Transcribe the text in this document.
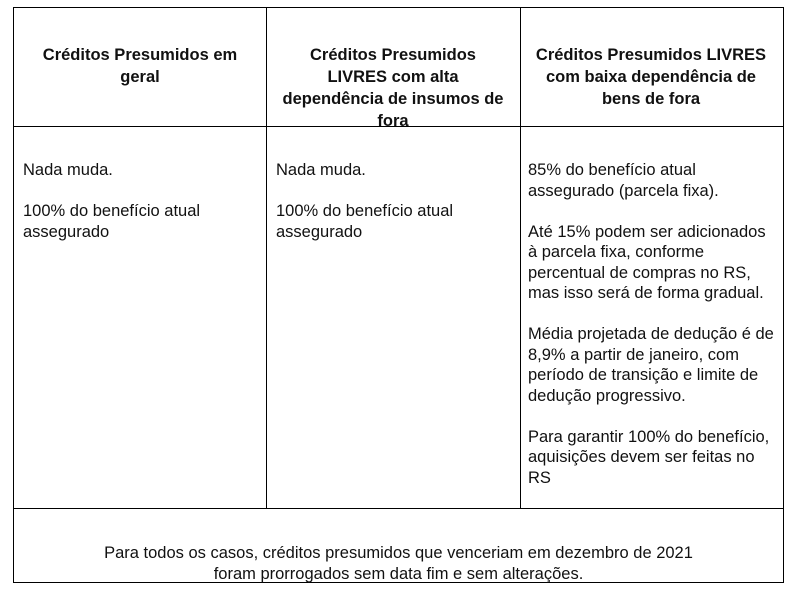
Créditos Presumidos em geral
Créditos Presumidos LIVRES com alta dependência de insumos de fora
Créditos Presumidos LIVRES com baixa dependência de bens de fora

Nada muda.

100% do benefício atual assegurado

Nada muda.

100% do benefício atual assegurado

85% do benefício atual assegurado (parcela fixa).

Até 15% podem ser adicionados à parcela fixa, conforme percentual de compras no RS, mas isso será de forma gradual.

Média projetada de dedução é de 8,9% a partir de janeiro, com período de transição e limite de dedução progressivo.

Para garantir 100% do benefício, aquisições devem ser feitas no RS

Para todos os casos, créditos presumidos que venceriam em dezembro de 2021
foram prorrogados sem data fim e sem alterações.
